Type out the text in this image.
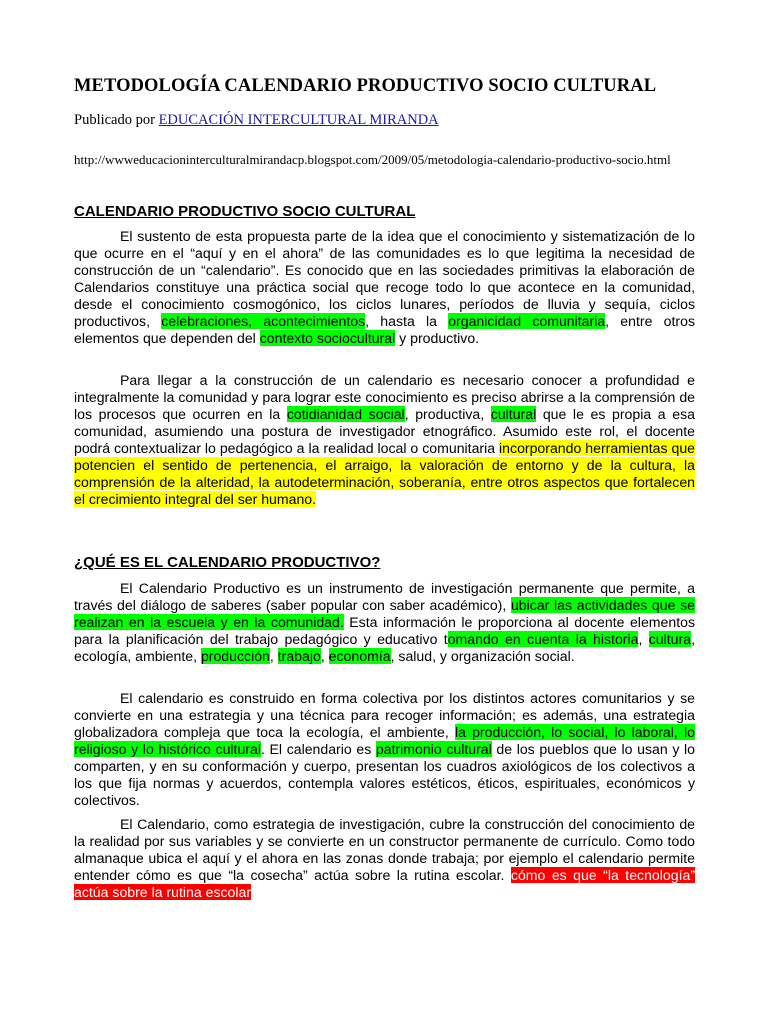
METODOLOGÍA CALENDARIO PRODUCTIVO SOCIO CULTURAL
Publicado por EDUCACIÓN INTERCULTURAL MIRANDA
http://wwweducacioninterculturalmirandacp.blogspot.com/2009/05/metodologia-calendario-productivo-socio.html
CALENDARIO PRODUCTIVO SOCIO CULTURAL

El sustento de esta propuesta parte de la idea que el conocimiento y sistematización de lo que ocurre en el “aquí y en el ahora” de las comunidades es lo que legitima la necesidad de construcción de un “calendario”. Es conocido que en las sociedades primitivas la elaboración de Calendarios constituye una práctica social que recoge todo lo que acontece en la comunidad, desde el conocimiento cosmogónico, los ciclos lunares, períodos de lluvia y sequía, ciclos productivos, celebraciones, acontecimientos, hasta la organicidad comunitaria, entre otros elementos que dependen del contexto sociocultural y productivo.

Para llegar a la construcción de un calendario es necesario conocer a profundidad e integralmente la comunidad y para lograr este conocimiento es preciso abrirse a la comprensión de los procesos que ocurren en la cotidianidad social, productiva, cultural que le es propia a esa comunidad, asumiendo una postura de investigador etnográfico. Asumido este rol, el docente podrá contextualizar lo pedagógico a la realidad local o comunitaria incorporando herramientas que potencien el sentido de pertenencia, el arraigo, la valoración de entorno y de la cultura, la comprensión de la alteridad, la autodeterminación, soberanía, entre otros aspectos que fortalecen el crecimiento integral del ser humano.

¿QUÉ ES EL CALENDARIO PRODUCTIVO?

El Calendario Productivo es un instrumento de investigación permanente que permite, a través del diálogo de saberes (saber popular con saber académico), ubicar las actividades que se realizan en la escuela y en la comunidad. Esta información le proporciona al docente elementos para la planificación del trabajo pedagógico y educativo tomando en cuenta la historia, cultura, ecología, ambiente, producción, trabajo, economía, salud, y organización social.

El calendario es construido en forma colectiva por los distintos actores comunitarios y se convierte en una estrategia y una técnica para recoger información; es además, una estrategia globalizadora compleja que toca la ecología, el ambiente, la producción, lo social, lo laboral, lo religioso y lo histórico cultural. El calendario es patrimonio cultural de los pueblos que lo usan y lo comparten, y en su conformación y cuerpo, presentan los cuadros axiológicos de los colectivos a los que fija normas y acuerdos, contempla valores estéticos, éticos, espirituales, económicos y colectivos.

El Calendario, como estrategia de investigación, cubre la construcción del conocimiento de la realidad por sus variables y se convierte en un constructor permanente de currículo. Como todo almanaque ubica el aquí y el ahora en las zonas donde trabaja; por ejemplo el calendario permite entender cómo es que “la cosecha” actúa sobre la rutina escolar. cómo es que “la tecnología” actúa sobre la rutina escolar
